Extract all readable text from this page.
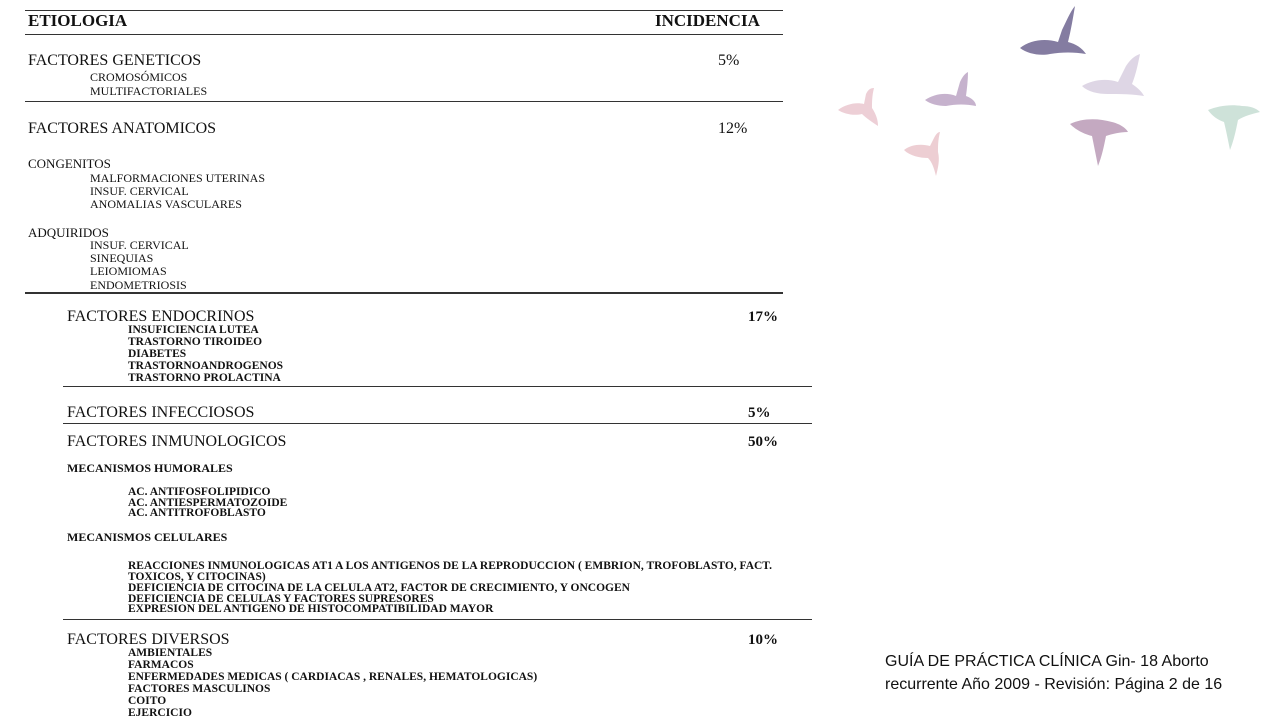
ETIOLOGIA	INCIDENCIA
FACTORES GENETICOS	5%
CROMOSÓMICOS
MULTIFACTORIALES
FACTORES ANATOMICOS	12%
CONGENITOS
MALFORMACIONES UTERINAS
INSUF. CERVICAL
ANOMALIAS VASCULARES
ADQUIRIDOS
INSUF. CERVICAL
SINEQUIAS
LEIOMIOMAS
ENDOMETRIOSIS
FACTORES ENDOCRINOS	17%
INSUFICIENCIA LUTEA
TRASTORNO TIROIDEO
DIABETES
TRASTORNOANDROGENOS
TRASTORNO PROLACTINA
FACTORES INFECCIOSOS	5%
FACTORES INMUNOLOGICOS	50%
MECANISMOS HUMORALES
AC. ANTIFOSFOLIPIDICO
AC. ANTIESPERMATOZOIDE
AC. ANTITROFOBLASTO
MECANISMOS CELULARES
REACCIONES INMUNOLOGICAS AT1 A LOS ANTIGENOS DE LA REPRODUCCION ( EMBRION, TROFOBLASTO, FACT.
TOXICOS, Y CITOCINAS)
DEFICIENCIA DE CITOCINA DE LA CELULA AT2, FACTOR DE CRECIMIENTO, Y ONCOGEN
DEFICIENCIA DE CELULAS Y FACTORES SUPRESORES
EXPRESION DEL ANTIGENO DE HISTOCOMPATIBILIDAD MAYOR
FACTORES DIVERSOS	10%
AMBIENTALES
FARMACOS
ENFERMEDADES MEDICAS ( CARDIACAS , RENALES, HEMATOLOGICAS)
FACTORES MASCULINOS
COITO
EJERCICIO
GUÍA DE PRÁCTICA CLÍNICA Gin- 18 Aborto recurrente Año 2009 - Revisión: Página 2 de 16
